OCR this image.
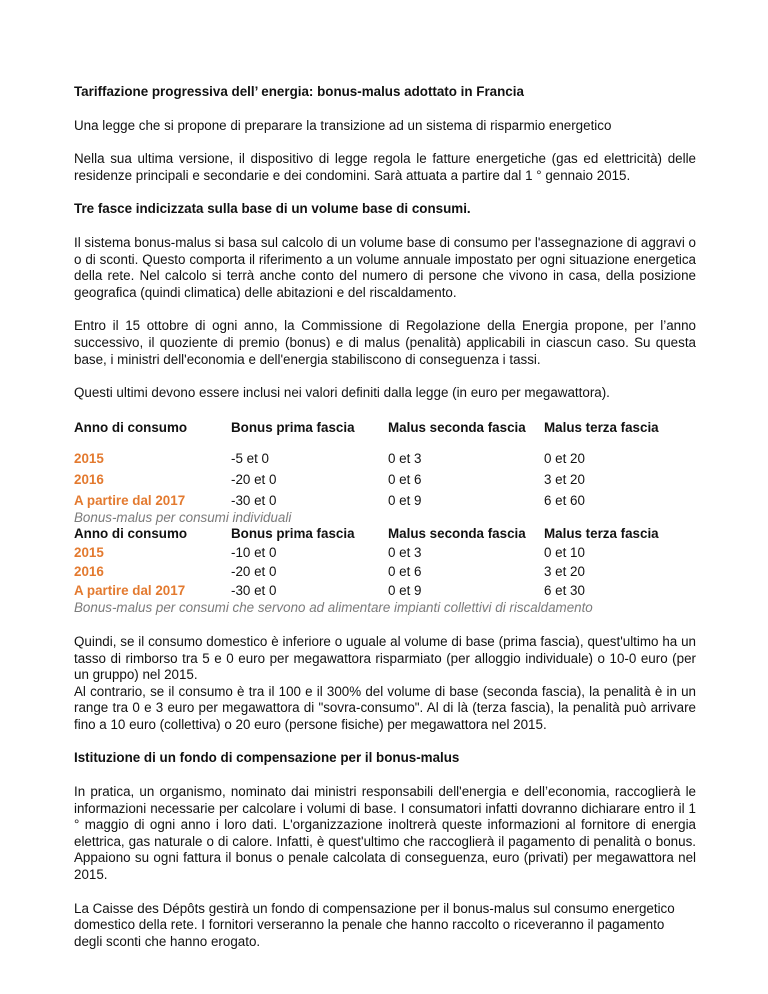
Tariffazione progressiva dell’ energia: bonus-malus adottato in Francia

Una legge che si propone di preparare la transizione ad un sistema di risparmio energetico

Nella sua ultima versione, il dispositivo di legge regola le fatture energetiche (gas ed elettricità) delle residenze principali e secondarie e dei condomini. Sarà attuata a partire dal 1 ° gennaio 2015.

Tre fasce indicizzata sulla base di un volume base di consumi.

Il sistema bonus-malus si basa sul calcolo di un volume base di consumo per l'assegnazione di aggravi o o di sconti. Questo comporta il riferimento a un volume annuale impostato per ogni situazione energetica della rete. Nel calcolo si terrà anche conto del numero di persone che vivono in casa, della posizione geografica (quindi climatica) delle abitazioni e del riscaldamento.

Entro il 15 ottobre di ogni anno, la Commissione di Regolazione della Energia propone, per l’anno successivo, il quoziente di premio (bonus) e di malus (penalità) applicabili in ciascun caso. Su questa base, i ministri dell'economia e dell'energia stabiliscono di conseguenza i tassi.

Questi ultimi devono essere inclusi nei valori definiti dalla legge (in euro per megawattora).

Anno di consumo	Bonus prima fascia	Malus seconda fascia	Malus terza fascia
2015	-5 et 0	0 et 3	0 et 20
2016	-20 et 0	0 et 6	3 et 20
A partire dal 2017	-30 et 0	0 et 9	6 et 60
Bonus-malus per consumi individuali
Anno di consumo	Bonus prima fascia	Malus seconda fascia	Malus terza fascia
2015	-10 et 0	0 et 3	0 et 10
2016	-20 et 0	0 et 6	3 et 20
A partire dal 2017	-30 et 0	0 et 9	6 et 30
Bonus-malus per consumi che servono ad alimentare impianti collettivi di riscaldamento

Quindi, se il consumo domestico è inferiore o uguale al volume di base (prima fascia), quest'ultimo ha un tasso di rimborso tra 5 e 0 euro per megawattora risparmiato (per alloggio individuale) o 10-0 euro (per un gruppo) nel 2015.

Al contrario, se il consumo è tra il 100 e il 300% del volume di base (seconda fascia), la penalità è in un range tra 0 e 3 euro per megawattora di "sovra-consumo". Al di là (terza fascia), la penalità può arrivare fino a 10 euro (collettiva) o 20 euro (persone fisiche) per megawattora nel 2015.

Istituzione di un fondo di compensazione per il bonus-malus

In pratica, un organismo, nominato dai ministri responsabili dell'energia e dell’economia, raccoglierà le informazioni necessarie per calcolare i volumi di base. I consumatori infatti dovranno dichiarare entro il 1 ° maggio di ogni anno i loro dati. L'organizzazione inoltrerà queste informazioni al fornitore di energia elettrica, gas naturale o di calore. Infatti, è quest'ultimo che raccoglierà il pagamento di penalità o bonus. Appaiono su ogni fattura il bonus o penale calcolata di conseguenza, euro (privati) per megawattora nel 2015.

La Caisse des Dépôts gestirà un fondo di compensazione per il bonus-malus sul consumo energetico domestico della rete. I fornitori verseranno la penale che hanno raccolto o riceveranno il pagamento degli sconti che hanno erogato.
